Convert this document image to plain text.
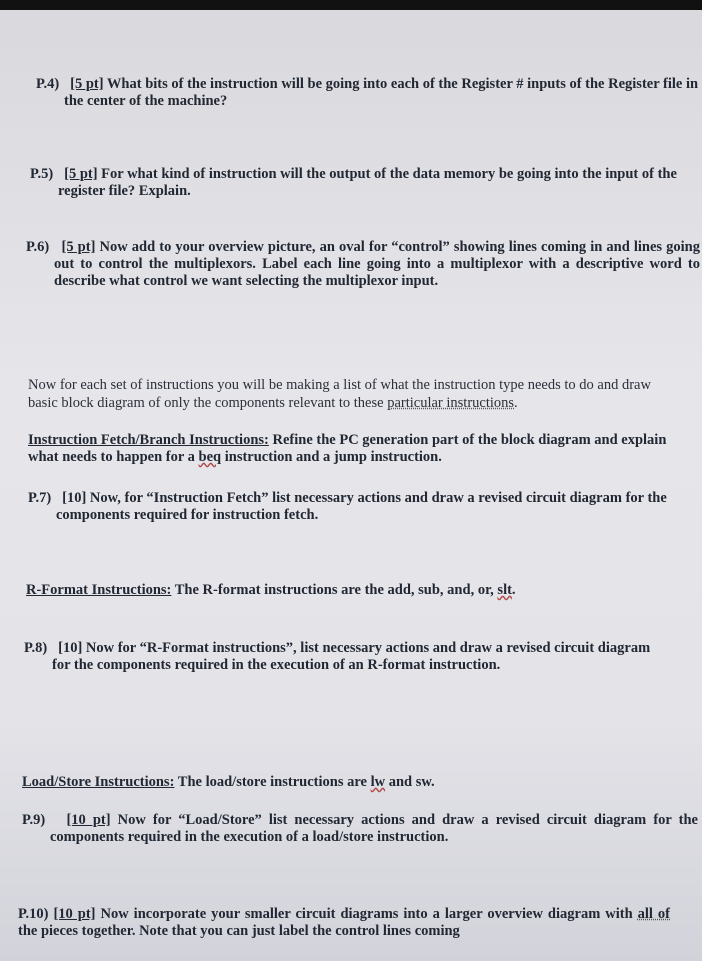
P.4) [5 pt] What bits of the instruction will be going into each of the Register # inputs of the Register file in the center of the machine?
P.5) [5 pt] For what kind of instruction will the output of the data memory be going into the input of the register file? Explain.
P.6) [5 pt] Now add to your overview picture, an oval for “control” showing lines coming in and lines going out to control the multiplexors. Label each line going into a multiplexor with a descriptive word to describe what control we want selecting the multiplexor input.
Now for each set of instructions you will be making a list of what the instruction type needs to do and draw basic block diagram of only the components relevant to these particular instructions.
Instruction Fetch/Branch Instructions: Refine the PC generation part of the block diagram and explain what needs to happen for a beq instruction and a jump instruction.
P.7) [10] Now, for “Instruction Fetch” list necessary actions and draw a revised circuit diagram for the components required for instruction fetch.
R-Format Instructions: The R-format instructions are the add, sub, and, or, slt.
P.8) [10] Now for “R-Format instructions”, list necessary actions and draw a revised circuit diagram for the components required in the execution of an R-format instruction.
Load/Store Instructions: The load/store instructions are lw and sw.
P.9) [10 pt] Now for “Load/Store” list necessary actions and draw a revised circuit diagram for the components required in the execution of a load/store instruction.
P.10) [10 pt] Now incorporate your smaller circuit diagrams into a larger overview diagram with all of the pieces together. Note that you can just label the control lines coming
